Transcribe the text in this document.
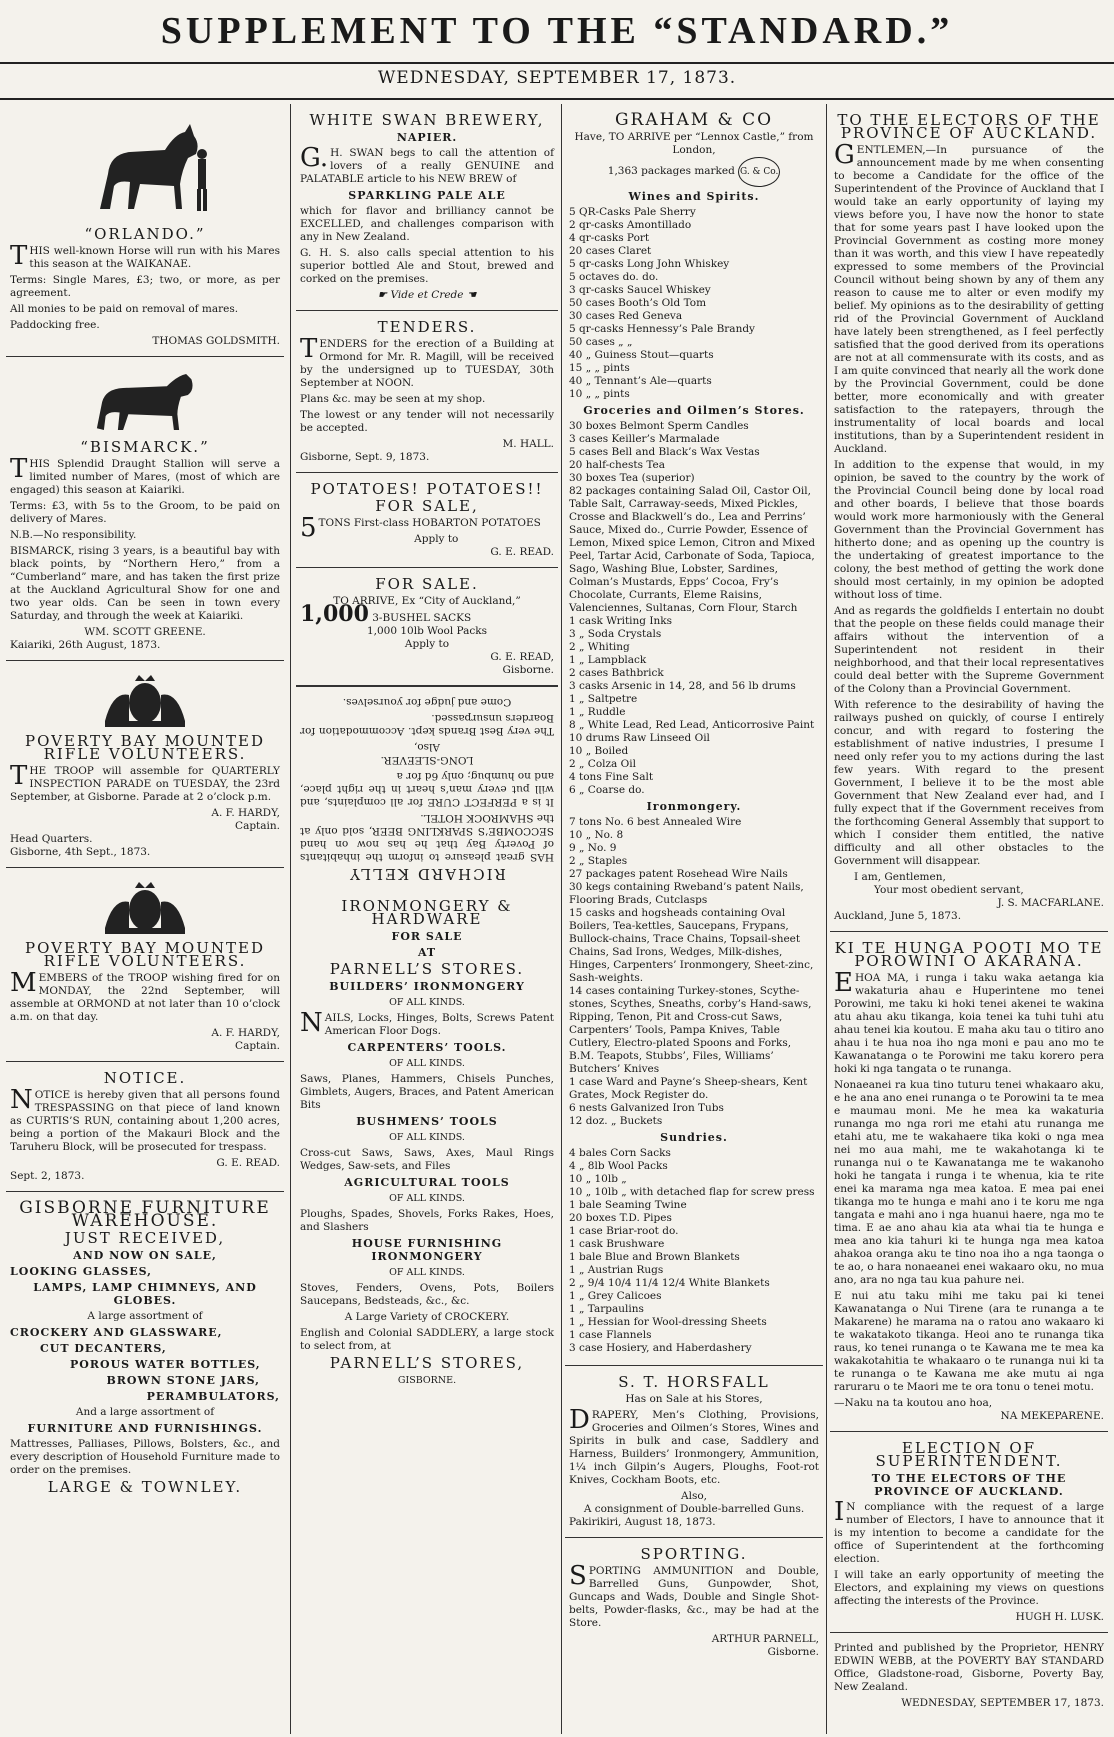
SUPPLEMENT TO THE “STANDARD.”
WEDNESDAY, SEPTEMBER 17, 1873.
“ORLANDO.”

THIS well-known Horse will run with his Mares this season at the WAIKANAE.

Terms: Single Mares, £3; two, or more, as per agreement.

All monies to be paid on removal of mares.

Paddocking free.

THOMAS GOLDSMITH.
“BISMARCK.”

THIS Splendid Draught Stallion will serve a limited number of Mares, (most of which are engaged) this season at Kaiariki.

Terms: £3, with 5s to the Groom, to be paid on delivery of Mares.

N.B.—No responsibility.

BISMARCK, rising 3 years, is a beautiful bay with black points, by “Northern Hero,” from a “Cumberland” mare, and has taken the first prize at the Auckland Agricultural Show for one and two year olds. Can be seen in town every Saturday, and through the week at Kaiariki.

WM. SCOTT GREENE.
Kaiariki, 26th August, 1873.
POVERTY BAY MOUNTED RIFLE VOLUNTEERS.

THE TROOP will assemble for QUARTERLY INSPECTION PARADE on TUESDAY, the 23rd September, at Gisborne. Parade at 2 o’clock p.m.

A. F. HARDY,
Captain.
Head Quarters.
Gisborne, 4th Sept., 1873.
POVERTY BAY MOUNTED RIFLE VOLUNTEERS.

MEMBERS of the TROOP wishing fired for on MONDAY, the 22nd September, will assemble at ORMOND at not later than 10 o’clock a.m. on that day.

A. F. HARDY,
Captain.
NOTICE.

NOTICE is hereby given that all persons found TRESPASSING on that piece of land known as CURTIS’S RUN, containing about 1,200 acres, being a portion of the Makauri Block and the Taruheru Block, will be prosecuted for trespass.

G. E. READ.
Sept. 2, 1873.
GISBORNE FURNITURE WAREHOUSE.
JUST RECEIVED,
AND NOW ON SALE,
LOOKING GLASSES,
LAMPS, LAMP CHIMNEYS, AND GLOBES.
A large assortment of
CROCKERY AND GLASSWARE,
CUT DECANTERS,
POROUS WATER BOTTLES,
BROWN STONE JARS,
PERAMBULATORS,
And a large assortment of
FURNITURE AND FURNISHINGS.

Mattresses, Palliases, Pillows, Bolsters, &c., and every description of Household Furniture made to order on the premises.

LARGE & TOWNLEY.
WHITE SWAN BREWERY,
NAPIER.

G.H. SWAN begs to call the attention of lovers of a really GENUINE and PALATABLE article to his NEW BREW of

SPARKLING PALE ALE

which for flavor and brilliancy cannot be EXCELLED, and challenges comparison with any in New Zealand.

G. H. S. also calls special attention to his superior bottled Ale and Stout, brewed and corked on the premises.

☛ Vide et Crede ☚
TENDERS.

TENDERS for the erection of a Building at Ormond for Mr. R. Magill, will be received by the undersigned up to TUESDAY, 30th September at NOON.

Plans &c. may be seen at my shop.

The lowest or any tender will not necessarily be accepted.

M. HALL.
Gisborne, Sept. 9, 1873.
POTATOES! POTATOES!!
FOR SALE,

5TONS First-class HOBARTON POTATOES

Apply to
G. E. READ.
FOR SALE.
TO ARRIVE, Ex “City of Auckland,”
1,000 3-BUSHEL SACKS
1,000 10lb Wool Packs
Apply to
G. E. READ,
Gisborne.
RICHARD KELLY

HAS great pleasure to inform the inhabitants of Poverty Bay that he has now on hand SECCOMBE’S SPARKLING BEER, sold only at the SHAMROCK HOTEL.

It is a PERFECT CURE for all complaints, and will put every man’s heart in the right place, and no humbug; only 6d for a

LONG-SLEEVER.
Also,

The very Best Brands kept. Accommodation for Boarders unsurpassed.

Come and judge for yourselves.
IRONMONGERY & HARDWARE
FOR SALE
AT
PARNELL’S STORES.
BUILDERS’ IRONMONGERY
OF ALL KINDS.

NAILS, Locks, Hinges, Bolts, Screws Patent American Floor Dogs.

CARPENTERS’ TOOLS.
OF ALL KINDS.

Saws, Planes, Hammers, Chisels Punches, Gimblets, Augers, Braces, and Patent American Bits

BUSHMENS’ TOOLS
OF ALL KINDS.

Cross-cut Saws, Saws, Axes, Maul Rings Wedges, Saw-sets, and Files

AGRICULTURAL TOOLS
OF ALL KINDS.

Ploughs, Spades, Shovels, Forks Rakes, Hoes, and Slashers

HOUSE FURNISHING IRONMONGERY
OF ALL KINDS.

Stoves, Fenders, Ovens, Pots, Boilers Saucepans, Bedsteads, &c., &c.

A Large Variety of CROCKERY.

English and Colonial SADDLERY, a large stock to select from, at

PARNELL’S STORES,
GISBORNE.
GRAHAM & CO
Have, TO ARRIVE per “Lennox Castle,” from London,
1,363 packages marked G. & Co.
Wines and Spirits.
5 QR-Casks Pale Sherry
2 qr-casks Amontillado
4 qr-casks Port
20 cases Claret
5 qr-casks Long John Whiskey
5 octaves do. do.
3 qr-casks Saucel Whiskey
50 cases Booth’s Old Tom
30 cases Red Geneva
5 qr-casks Hennessy’s Pale Brandy
50 cases „ „
40 „ Guiness Stout—quarts
15 „ „ pints
40 „ Tennant’s Ale—quarts
10 „ „ pints
Groceries and Oilmen’s Stores.
30 boxes Belmont Sperm Candles
3 cases Keiller’s Marmalade
5 cases Bell and Black’s Wax Vestas
20 half-chests Tea
30 boxes Tea (superior)
82 packages containing Salad Oil, Castor Oil, Table Salt, Carraway-seeds, Mixed Pickles, Crosse and Blackwell’s do., Lea and Perrins’ Sauce, Mixed do., Currie Powder, Essence of Lemon, Mixed spice Lemon, Citron and Mixed Peel, Tartar Acid, Carbonate of Soda, Tapioca, Sago, Washing Blue, Lobster, Sardines, Colman’s Mustards, Epps’ Cocoa, Fry’s Chocolate, Currants, Eleme Raisins, Valenciennes, Sultanas, Corn Flour, Starch
1 cask Writing Inks
3 „ Soda Crystals
2 „ Whiting
1 „ Lampblack
2 cases Bathbrick
3 casks Arsenic in 14, 28, and 56 lb drums
1 „ Saltpetre
1 „ Ruddle
8 „ White Lead, Red Lead, Anticorrosive Paint
10 drums Raw Linseed Oil
10 „ Boiled
2 „ Colza Oil
4 tons Fine Salt
6 „ Coarse do.
Ironmongery.
7 tons No. 6 best Annealed Wire
10 „ No. 8
9 „ No. 9
2 „ Staples
27 packages patent Rosehead Wire Nails
30 kegs containing Rweband’s patent Nails, Flooring Brads, Cutclasps
15 casks and hogsheads containing Oval Boilers, Tea-kettles, Saucepans, Frypans, Bullock-chains, Trace Chains, Topsail-sheet Chains, Sad Irons, Wedges, Milk-dishes, Hinges, Carpenters’ Ironmongery, Sheet-zinc, Sash-weights.
14 cases containing Turkey-stones, Scythe-stones, Scythes, Sneaths, corby’s Hand-saws, Ripping, Tenon, Pit and Cross-cut Saws, Carpenters’ Tools, Pampa Knives, Table Cutlery, Electro-plated Spoons and Forks, B.M. Teapots, Stubbs’, Files, Williams’ Butchers’ Knives
1 case Ward and Payne’s Sheep-shears, Kent Grates, Mock Register do.
6 nests Galvanized Iron Tubs
12 doz. „ Buckets
Sundries.
4 bales Corn Sacks
4 „ 8lb Wool Packs
10 „ 10lb „
10 „ 10lb „ with detached flap for screw press
1 bale Seaming Twine
20 boxes T.D. Pipes
1 case Briar-root do.
1 cask Brushware
1 bale Blue and Brown Blankets
1 „ Austrian Rugs
2 „ 9/4 10/4 11/4 12/4 White Blankets
1 „ Grey Calicoes
1 „ Tarpaulins
1 „ Hessian for Wool-dressing Sheets
1 case Flannels
3 case Hosiery, and Haberdashery
S. T. HORSFALL
Has on Sale at his Stores,

DRAPERY, Men’s Clothing, Provisions, Groceries and Oilmen’s Stores, Wines and Spirits in bulk and case, Saddlery and Harness, Builders’ Ironmongery, Ammunition, 1¼ inch Gilpin’s Augers, Ploughs, Foot-rot Knives, Cockham Boots, etc.

Also,
A consignment of Double-barrelled Guns.
Pakirikiri, August 18, 1873.
SPORTING.

SPORTING AMMUNITION and Double, Barrelled Guns, Gunpowder, Shot, Guncaps and Wads, Double and Single Shot-belts, Powder-flasks, &c., may be had at the Store.

ARTHUR PARNELL,
Gisborne.
TO THE ELECTORS OF THE PROVINCE OF AUCKLAND.

GENTLEMEN,—In pursuance of the announcement made by me when consenting to become a Candidate for the office of the Superintendent of the Province of Auckland that I would take an early opportunity of laying my views before you, I have now the honor to state that for some years past I have looked upon the Provincial Government as costing more money than it was worth, and this view I have repeatedly expressed to some members of the Provincial Council without being shown by any of them any reason to cause me to alter or even modify my belief. My opinions as to the desirability of getting rid of the Provincial Government of Auckland have lately been strengthened, as I feel perfectly satisfied that the good derived from its operations are not at all commensurate with its costs, and as I am quite convinced that nearly all the work done by the Provincial Government, could be done better, more economically and with greater satisfaction to the ratepayers, through the instrumentality of local boards and local institutions, than by a Superintendent resident in Auckland.

In addition to the expense that would, in my opinion, be saved to the country by the work of the Provincial Council being done by local road and other boards, I believe that those boards would work more harmoniously with the General Government than the Provincial Government has hitherto done; and as opening up the country is the undertaking of greatest importance to the colony, the best method of getting the work done should most certainly, in my opinion be adopted without loss of time.

And as regards the goldfields I entertain no doubt that the people on these fields could manage their affairs without the intervention of a Superintendent not resident in their neighborhood, and that their local representatives could deal better with the Supreme Government of the Colony than a Provincial Government.

With reference to the desirability of having the railways pushed on quickly, of course I entirely concur, and with regard to fostering the establishment of native industries, I presume I need only refer you to my actions during the last few years. With regard to the present Government, I believe it to be the most able Government that New Zealand ever had, and I fully expect that if the Government receives from the forthcoming General Assembly that support to which I consider them entitled, the native difficulty and all other obstacles to the Government will disappear.

I am, Gentlemen,
Your most obedient servant,
J. S. MACFARLANE.
Auckland, June 5, 1873.
KI TE HUNGA POOTI MO TE POROWINI O AKARANA.

EHOA MA, i runga i taku waka aetanga kia wakaturia ahau e Huperintene mo tenei Porowini, me taku ki hoki tenei akenei te wakina atu ahau aku tikanga, koia tenei ka tuhi tuhi atu ahau tenei kia koutou. E maha aku tau o titiro ano ahau i te hua noa iho nga moni e pau ano mo te Kawanatanga o te Porowini me taku korero pera hoki ki nga tangata o te runanga.

Nonaeanei ra kua tino tuturu tenei whakaaro aku, e he ana ano enei runanga o te Porowini ta te mea e maumau moni. Me he mea ka wakaturia runanga mo nga rori me etahi atu runanga me etahi atu, me te wakahaere tika koki o nga mea nei mo aua mahi, me te wakahotanga ki te runanga nui o te Kawanatanga me te wakanoho hoki he tangata i runga i te whenua, kia te rite enei ka marama nga mea katoa. E mea pai enei tikanga mo te hunga e mahi ano i te koru me nga tangata e mahi ano i nga huanui haere, nga mo te tima. E ae ano ahau kia ata whai tia te hunga e mea ano kia tahuri ki te hunga nga mea katoa ahakoa oranga aku te tino noa iho a nga taonga o te ao, o hara nonaeanei enei wakaaro oku, no mua ano, ara no nga tau kua pahure nei.

E nui atu taku mihi me taku pai ki tenei Kawanatanga o Nui Tirene (ara te runanga a te Makarene) he marama na o ratou ano wakaaro ki te wakatakoto tikanga. Heoi ano te runanga tika raus, ko tenei runanga o te Kawana me te mea ka wakakotahitia te whakaaro o te runanga nui ki ta te runanga o te Kawana me ake mutu ai nga raruraru o te Maori me te ora tonu o tenei motu.

—Naku na ta koutou ano hoa,
NA MEKEPARENE.
ELECTION OF SUPERINTENDENT.
TO THE ELECTORS OF THE PROVINCE OF AUCKLAND.

IN compliance with the request of a large number of Electors, I have to announce that it is my intention to become a candidate for the office of Superintendent at the forthcoming election.

I will take an early opportunity of meeting the Electors, and explaining my views on questions affecting the interests of the Province.

HUGH H. LUSK.

Printed and published by the Proprietor, HENRY EDWIN WEBB, at the POVERTY BAY STANDARD Office, Gladstone-road, Gisborne, Poverty Bay, New Zealand.

WEDNESDAY, SEPTEMBER 17, 1873.
